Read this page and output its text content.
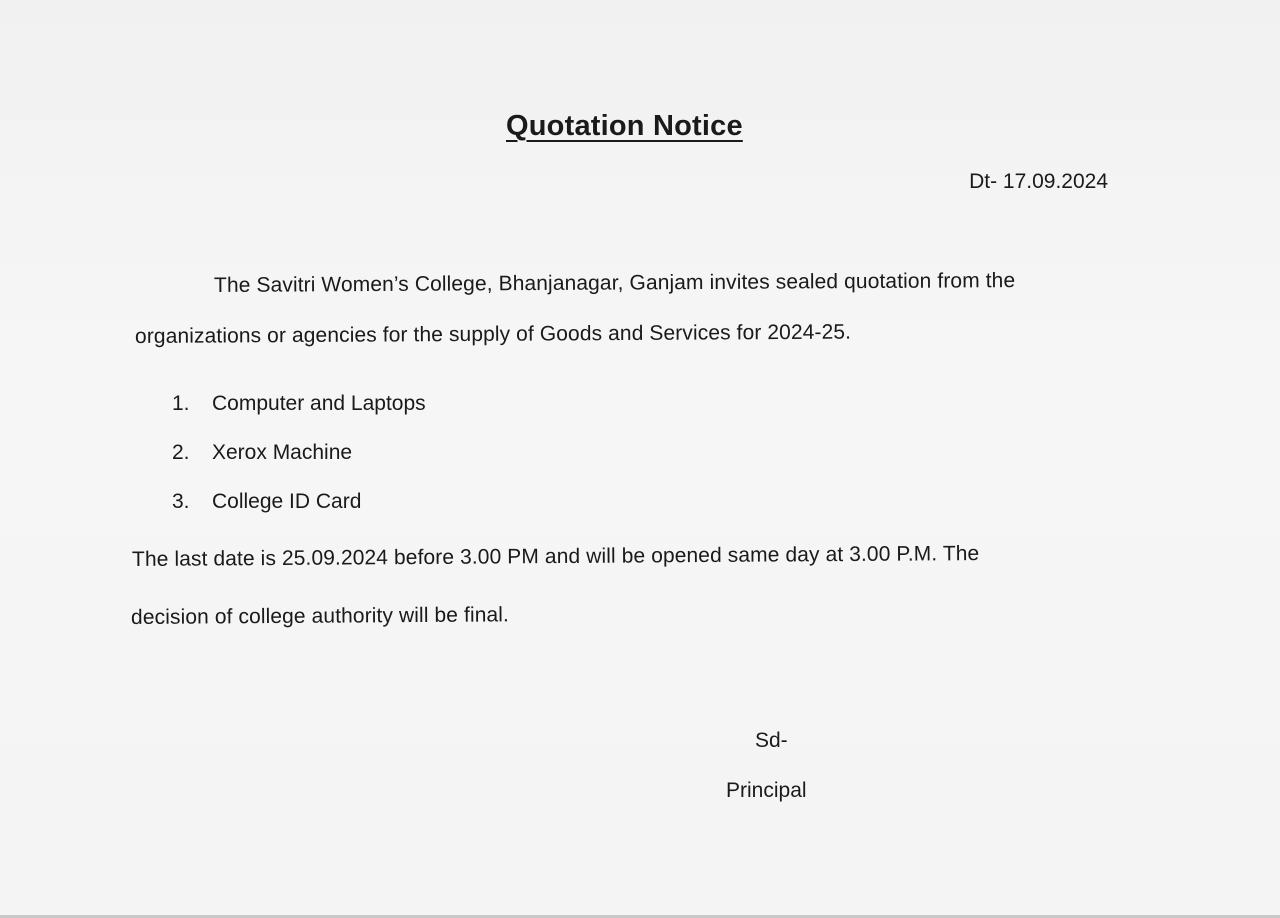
Quotation Notice
Dt- 17.09.2024
The Savitri Women’s College, Bhanjanagar, Ganjam invites sealed quotation from the
organizations or agencies for the supply of Goods and Services for 2024-25.
1. Computer and Laptops
2. Xerox Machine
3. College ID Card
The last date is 25.09.2024 before 3.00 PM and will be opened same day at 3.00 P.M. The
decision of college authority will be final.
Sd-
Principal
